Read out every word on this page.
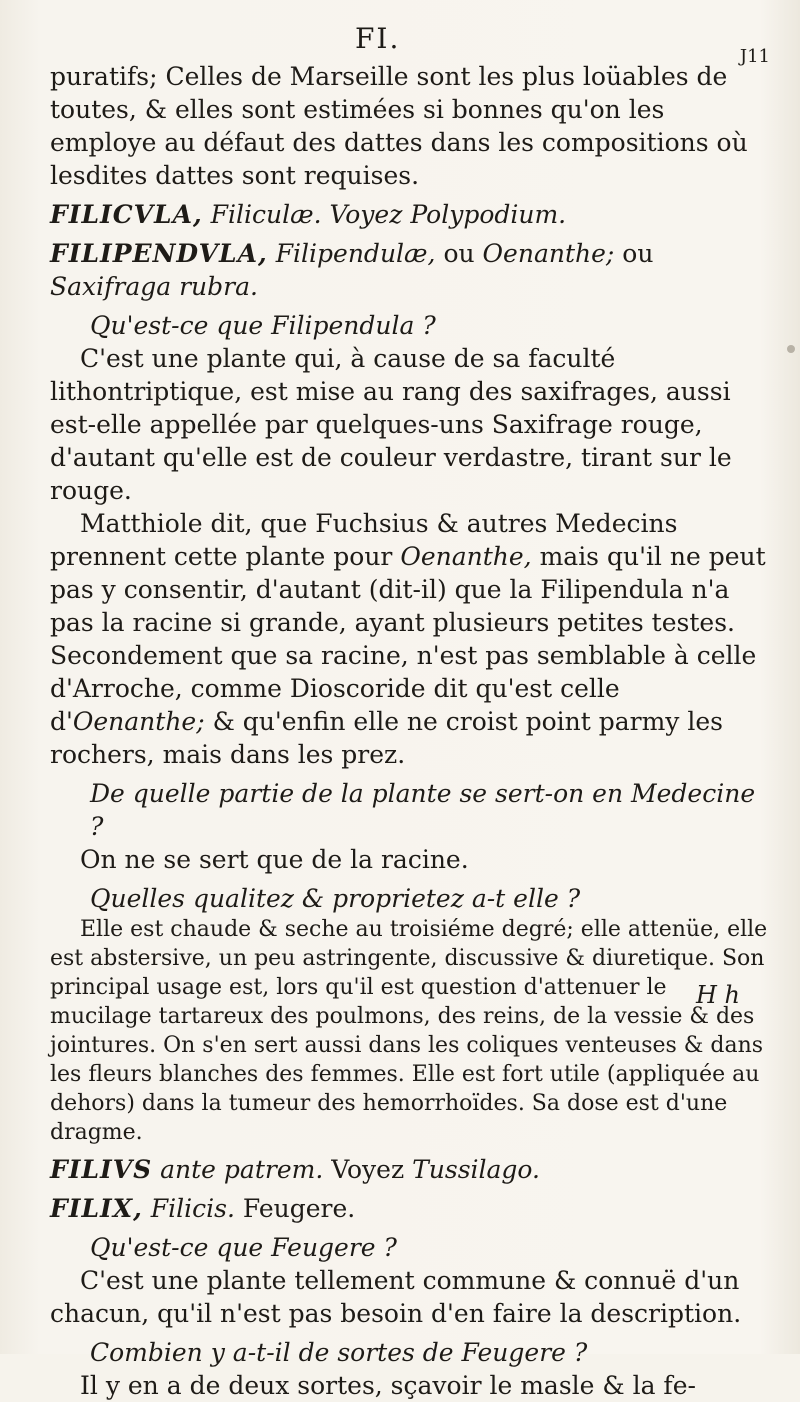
FI.
J11

puratifs; Celles de Marseille sont les plus loüables de toutes, & elles sont estimées si bonnes qu'on les employe au défaut des dattes dans les compositions où lesdites dattes sont requises.

FILICVLA, Filiculæ. Voyez Polypodium.

FILIPENDVLA, Filipendulæ, ou Oenanthe; ou Saxifraga rubra.

Qu'est-ce que Filipendula ?

C'est une plante qui, à cause de sa faculté lithontriptique, est mise au rang des saxifrages, aussi est-elle appellée par quelques-uns Saxifrage rouge, d'autant qu'elle est de couleur verdastre, tirant sur le rouge.

Matthiole dit, que Fuchsius & autres Medecins prennent cette plante pour Oenanthe, mais qu'il ne peut pas y consentir, d'autant (dit-il) que la Filipendula n'a pas la racine si grande, ayant plusieurs petites testes. Secondement que sa racine, n'est pas semblable à celle d'Arroche, comme Dioscoride dit qu'est celle d'Oenanthe; & qu'enfin elle ne croist point parmy les rochers, mais dans les prez.

De quelle partie de la plante se sert-on en Medecine ?

On ne se sert que de la racine.

Quelles qualitez & proprietez a-t elle ?

Elle est chaude & seche au troisiéme degré; elle attenüe, elle est abstersive, un peu astringente, discussive & diuretique. Son principal usage est, lors qu'il est question d'attenuer le mucilage tartareux des poulmons, des reins, de la vessie & des jointures. On s'en sert aussi dans les coliques venteuses & dans les fleurs blanches des femmes. Elle est fort utile (appliquée au dehors) dans la tumeur des hemorrhoïdes. Sa dose est d'une dragme.

FILIVS ante patrem. Voyez Tussilago.

FILIX, Filicis. Feugere.

Qu'est-ce que Feugere ?

C'est une plante tellement commune & connuë d'un chacun, qu'il n'est pas besoin d'en faire la description.

Combien y a-t-il de sortes de Feugere ?

Il y en a de deux sortes, sçavoir le masle & la fe-

H h
